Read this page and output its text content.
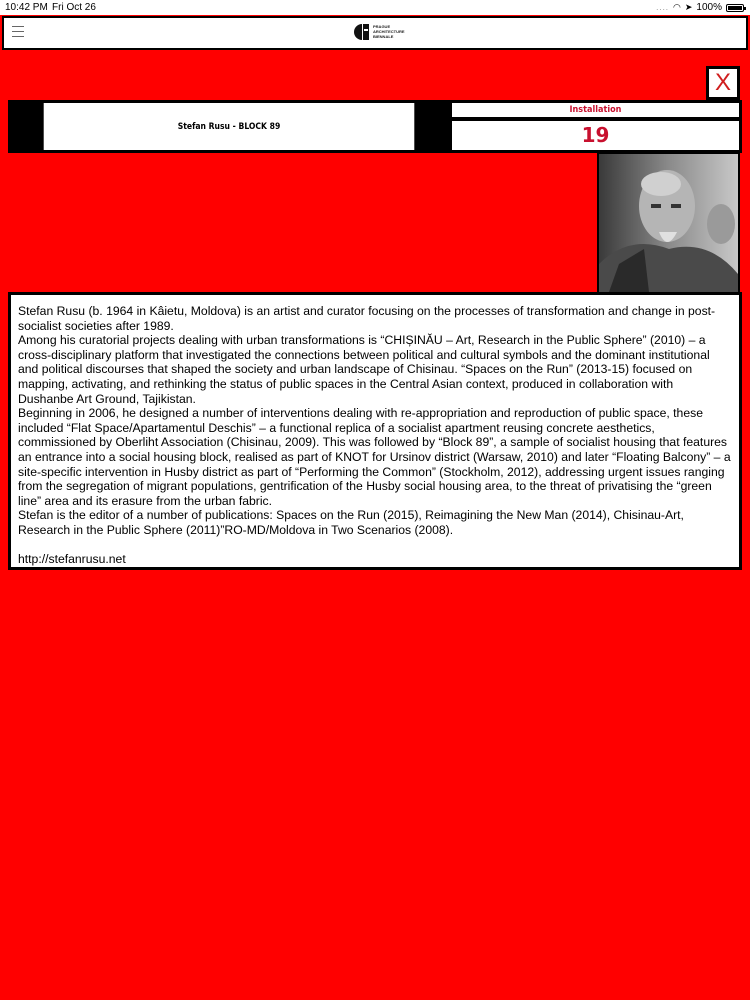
10:42 PM Fri Oct 26	.... ◠ ➤ 100%
PRAGUE
ARCHITECTURE
BIENNALE
X
Stefan Rusu - BLOCK 89
Installation
19

Stefan Rusu (b. 1964 in Kâietu, Moldova) is an artist and curator focusing on the processes of transformation and change in post-socialist societies after 1989.

Among his curatorial projects dealing with urban transformations is “CHIȘINĂU – Art, Research in the Public Sphere” (2010) – a cross-disciplinary platform that investigated the connections between political and cultural symbols and the dominant institutional and political discourses that shaped the society and urban landscape of Chisinau. “Spaces on the Run” (2013-15) focused on mapping, activating, and rethinking the status of public spaces in the Central Asian context, produced in collaboration with Dushanbe Art Ground, Tajikistan.

Beginning in 2006, he designed a number of interventions dealing with re-appropriation and reproduction of public space, these included “Flat Space/Apartamentul Deschis” – a functional replica of a socialist apartment reusing concrete aesthetics, commissioned by Oberliht Association (Chisinau, 2009). This was followed by “Block 89”, a sample of socialist housing that features an entrance into a social housing block, realised as part of KNOT for Ursinov district (Warsaw, 2010) and later “Floating Balcony” – a site-specific intervention in Husby district as part of “Performing the Common” (Stockholm, 2012), addressing urgent issues ranging from the segregation of migrant populations, gentrification of the Husby social housing area, to the threat of privatising the “green line” area and its erasure from the urban fabric.

Stefan is the editor of a number of publications: Spaces on the Run (2015), Reimagining the New Man (2014), Chisinau-Art, Research in the Public Sphere (2011)”RO-MD/Moldova in Two Scenarios (2008).

http://stefanrusu.net
